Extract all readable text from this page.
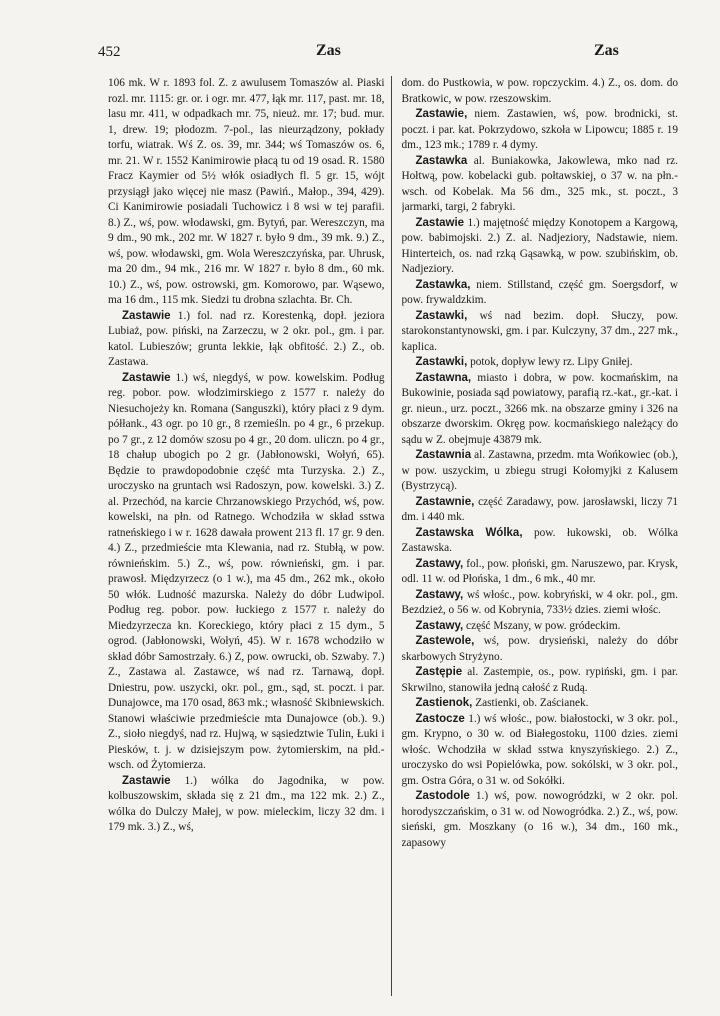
452	Zas	Zas

106 mk. W r. 1893 fol. Z. z awulusem Tomaszów al. Piaski rozl. mr. 1115: gr. or. i ogr. mr. 477, łąk mr. 117, past. mr. 18, lasu mr. 411, w odpadkach mr. 75, nieuż. mr. 17; bud. mur. 1, drew. 19; płodozm. 7-pol., las nieurządzony, pokłady torfu, wiatrak. Wś Z. os. 39, mr. 344; wś Tomaszów os. 6, mr. 21. W r. 1552 Kanimirowie płacą tu od 19 osad. R. 1580 Fracz Kaymier od 5½ włók osiadłych fl. 5 gr. 15, wójt przysiągł jako więcej nie masz (Pawiń., Małop., 394, 429). Ci Kanimirowie posiadali Tuchowicz i 8 wsi w tej parafii. 8.) Z., wś, pow. włodawski, gm. Bytyń, par. Wereszczyn, ma 9 dm., 90 mk., 202 mr. W 1827 r. było 9 dm., 39 mk. 9.) Z., wś, pow. włodawski, gm. Wola Wereszczyńska, par. Uhrusk, ma 20 dm., 94 mk., 216 mr. W 1827 r. było 8 dm., 60 mk. 10.) Z., wś, pow. ostrowski, gm. Komorowo, par. Wąsewo, ma 16 dm., 115 mk. Siedzi tu drobna szlachta. Br. Ch.

Zastawie 1.) fol. nad rz. Korestenką, dopł. jeziora Lubiaż, pow. piński, na Zarzeczu, w 2 okr. pol., gm. i par. katol. Lubieszów; grunta lekkie, łąk obfitość. 2.) Z., ob. Zastawa.

Zastawie 1.) wś, niegdyś, w pow. kowelskim. Podług reg. pobor. pow. włodzimirskiego z 1577 r. należy do Niesuchojeży kn. Romana (Sanguszki), który płaci z 9 dym. półłank., 43 ogr. po 10 gr., 8 rzemieśln. po 4 gr., 6 przekup. po 7 gr., z 12 domów szosu po 4 gr., 20 dom. uliczn. po 4 gr., 18 chałup ubogich po 2 gr. (Jabłonowski, Wołyń, 65). Będzie to prawdopodobnie część mta Turzyska. 2.) Z., uroczysko na gruntach wsi Radoszyn, pow. kowelski. 3.) Z. al. Przechód, na karcie Chrzanowskiego Przychód, wś, pow. kowelski, na płn. od Ratnego. Wchodziła w skład sstwa ratneńskiego i w r. 1628 dawała prowent 213 fl. 17 gr. 9 den. 4.) Z., przedmieście mta Klewania, nad rz. Stubłą, w pow. równieńskim. 5.) Z., wś, pow. równieński, gm. i par. prawosł. Międzyrzecz (o 1 w.), ma 45 dm., 262 mk., około 50 włók. Ludność mazurska. Należy do dóbr Ludwipol. Podług reg. pobor. pow. łuckiego z 1577 r. należy do Miedzyrzecza kn. Koreckiego, który płaci z 15 dym., 5 ogrod. (Jabłonowski, Wołyń, 45). W r. 1678 wchodziło w skład dóbr Samostrzały. 6.) Z, pow. owrucki, ob. Szwaby. 7.) Z., Zastawa al. Zastawce, wś nad rz. Tarnawą, dopł. Dniestru, pow. uszycki, okr. pol., gm., sąd, st. poczt. i par. Dunajowce, ma 170 osad, 863 mk.; własność Skibniewskich. Stanowi właściwie przedmieście mta Dunajowce (ob.). 9.) Z., sioło niegdyś, nad rz. Hujwą, w sąsiedztwie Tulin, Łuki i Piesków, t. j. w dzisiejszym pow. żytomierskim, na płd.-wsch. od Żytomierza.

Zastawie 1.) wólka do Jagodnika, w pow. kolbuszowskim, składa się z 21 dm., ma 122 mk. 2.) Z., wólka do Dulczy Małej, w pow. mieleckim, liczy 32 dm. i 179 mk. 3.) Z., wś,

dom. do Pustkowia, w pow. ropczyckim. 4.) Z., os. dom. do Bratkowic, w pow. rzeszowskim.

Zastawie, niem. Zastawien, wś, pow. brodnicki, st. poczt. i par. kat. Pokrzydowo, szkoła w Lipowcu; 1885 r. 19 dm., 123 mk.; 1789 r. 4 dymy.

Zastawka al. Buniakowka, Jakowlewa, mko nad rz. Hołtwą, pow. kobelacki gub. połtawskiej, o 37 w. na płn.-wsch. od Kobelak. Ma 56 dm., 325 mk., st. poczt., 3 jarmarki, targi, 2 fabryki.

Zastawie 1.) majętność między Konotopem a Kargową, pow. babimojski. 2.) Z. al. Nadjeziory, Nadstawie, niem. Hinterteich, os. nad rzką Gąsawką, w pow. szubińskim, ob. Nadjeziory.

Zastawka, niem. Stillstand, część gm. Soergsdorf, w pow. frywaldzkim.

Zastawki, wś nad bezim. dopł. Słuczy, pow. starokonstantynowski, gm. i par. Kulczyny, 37 dm., 227 mk., kaplica.

Zastawki, potok, dopływ lewy rz. Lipy Gniłej.

Zastawna, miasto i dobra, w pow. kocmańskim, na Bukowinie, posiada sąd powiatowy, parafią rz.-kat., gr.-kat. i gr. nieun., urz. poczt., 3266 mk. na obszarze gminy i 326 na obszarze dworskim. Okręg pow. kocmańskiego należący do sądu w Z. obejmuje 43879 mk.

Zastawnia al. Zastawna, przedm. mta Wońkowiec (ob.), w pow. uszyckim, u zbiegu strugi Kołomyjki z Kalusem (Bystrzycą).

Zastawnie, część Zaradawy, pow. jarosławski, liczy 71 dm. i 440 mk.

Zastawska Wólka, pow. łukowski, ob. Wólka Zastawska.

Zastawy, fol., pow. płoński, gm. Naruszewo, par. Krysk, odl. 11 w. od Płońska, 1 dm., 6 mk., 40 mr.

Zastawy, wś włośc., pow. kobryński, w 4 okr. pol., gm. Bezdzież, o 56 w. od Kobrynia, 733½ dzies. ziemi włośc.

Zastawy, część Mszany, w pow. gródeckim.

Zastewole, wś, pow. drysieński, należy do dóbr skarbowych Stryżyno.

Zastępie al. Zastempie, os., pow. rypiński, gm. i par. Skrwilno, stanowiła jedną całość z Rudą.

Zastienok, Zastienki, ob. Zaścianek.

Zastocze 1.) wś włośc., pow. białostocki, w 3 okr. pol., gm. Krypno, o 30 w. od Białegostoku, 1100 dzies. ziemi włośc. Wchodziła w skład sstwa knyszyńskiego. 2.) Z., uroczysko do wsi Popielówka, pow. sokólski, w 3 okr. pol., gm. Ostra Góra, o 31 w. od Sokółki.

Zastodole 1.) wś, pow. nowogródzki, w 2 okr. pol. horodyszczańskim, o 31 w. od Nowogródka. 2.) Z., wś, pow. sieński, gm. Moszkany (o 16 w.), 34 dm., 160 mk., zapasowy
